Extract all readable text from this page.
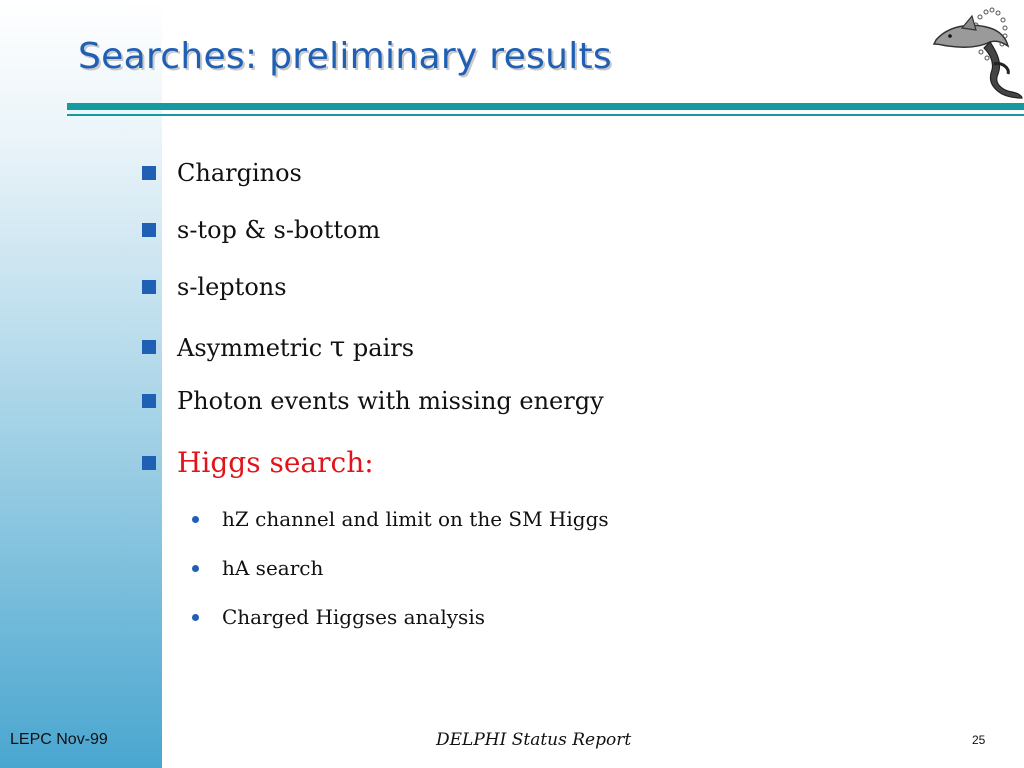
Searches: preliminary results
Charginos
s-top & s-bottom
s-leptons
Asymmetric τ pairs
Photon events with missing energy
Higgs search:
hZ channel and limit on the SM Higgs
hA search
Charged Higgses analysis
LEPC Nov-99	DELPHI Status Report	25
